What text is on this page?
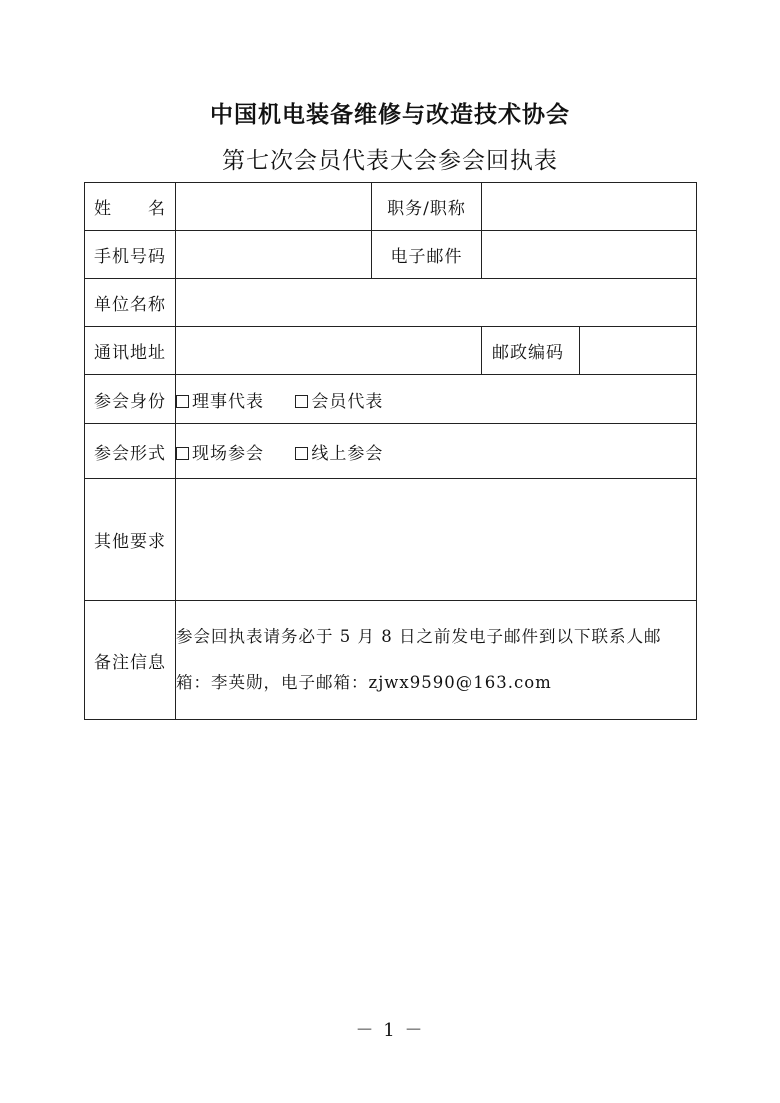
中国机电装备维修与改造技术协会
第七次会员代表大会参会回执表
姓　　名		职务/职称		
手机号码		电子邮件		
单位名称				
通讯地址			邮政编码	
参会身份	理事代表 会员代表			
参会形式	现场参会 线上参会			
其他要求				
备注信息	参会回执表请务必于 5 月 8 日之前发电子邮件到以下联系人邮箱：李英勋，电子邮箱：zjwx9590@163.com			
－ 1 －
